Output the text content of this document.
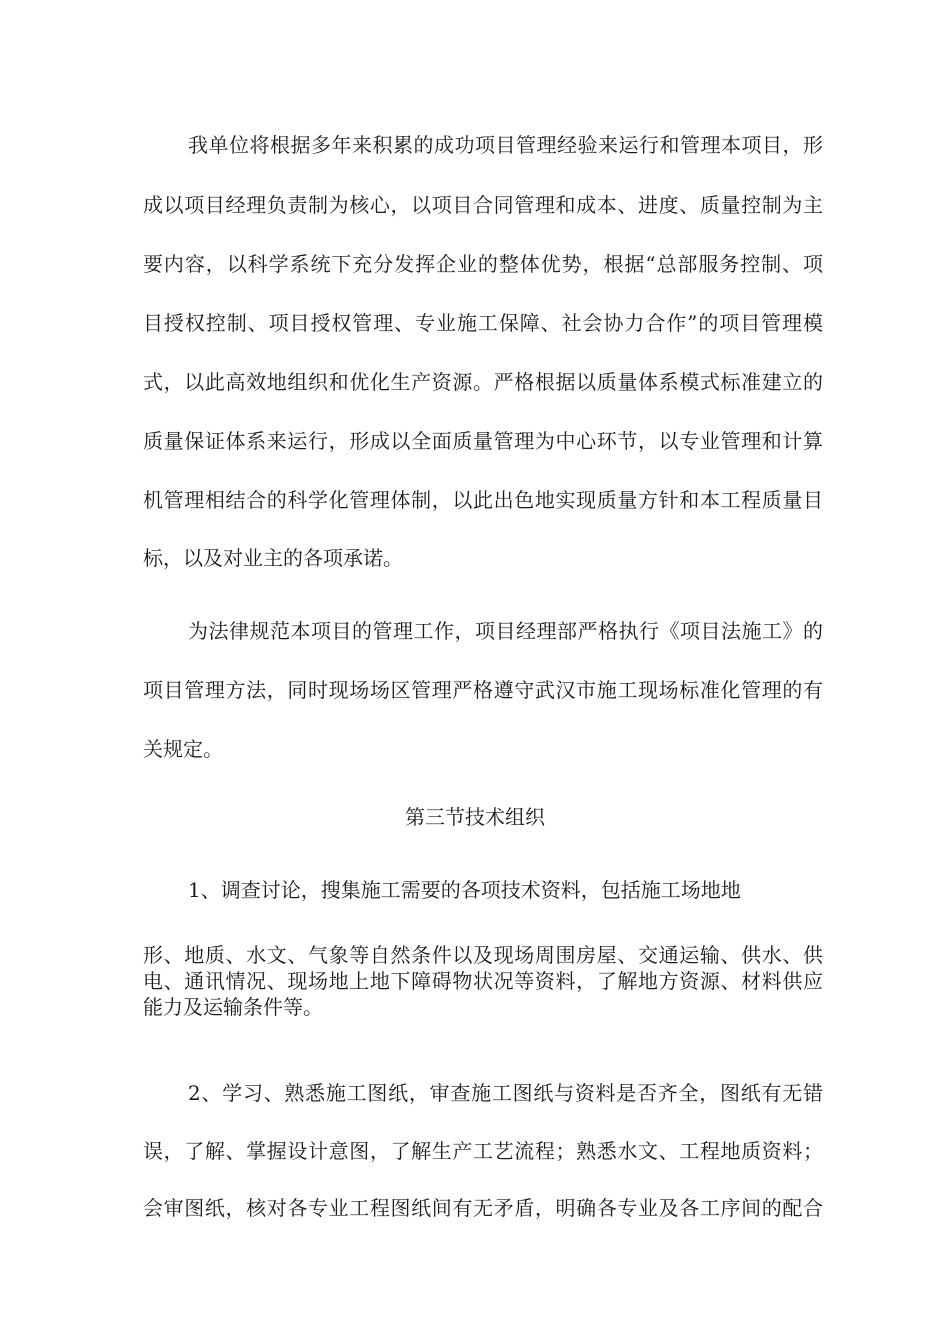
我单位将根据多年来积累的成功项目管理经验来运行和管理本项目，形
成以项目经理负责制为核心，以项目合同管理和成本、进度、质量控制为主
要内容，以科学系统下充分发挥企业的整体优势，根据“总部服务控制、项
目授权控制、项目授权管理、专业施工保障、社会协力合作”的项目管理模
式，以此高效地组织和优化生产资源。严格根据以质量体系模式标准建立的
质量保证体系来运行，形成以全面质量管理为中心环节，以专业管理和计算
机管理相结合的科学化管理体制，以此出色地实现质量方针和本工程质量目
标，以及对业主的各项承诺。
为法律规范本项目的管理工作，项目经理部严格执行《项目法施工》的
项目管理方法，同时现场场区管理严格遵守武汉市施工现场标准化管理的有
关规定。
第三节技术组织
1、调查讨论，搜集施工需要的各项技术资料，包括施工场地地
形、地质、水文、气象等自然条件以及现场周围房屋、交通运输、供水、供
电、通讯情况、现场地上地下障碍物状况等资料，了解地方资源、材料供应
能力及运输条件等。
2、学习、熟悉施工图纸，审查施工图纸与资料是否齐全，图纸有无错
误，了解、掌握设计意图，了解生产工艺流程；熟悉水文、工程地质资料；
会审图纸，核对各专业工程图纸间有无矛盾，明确各专业及各工序间的配合
